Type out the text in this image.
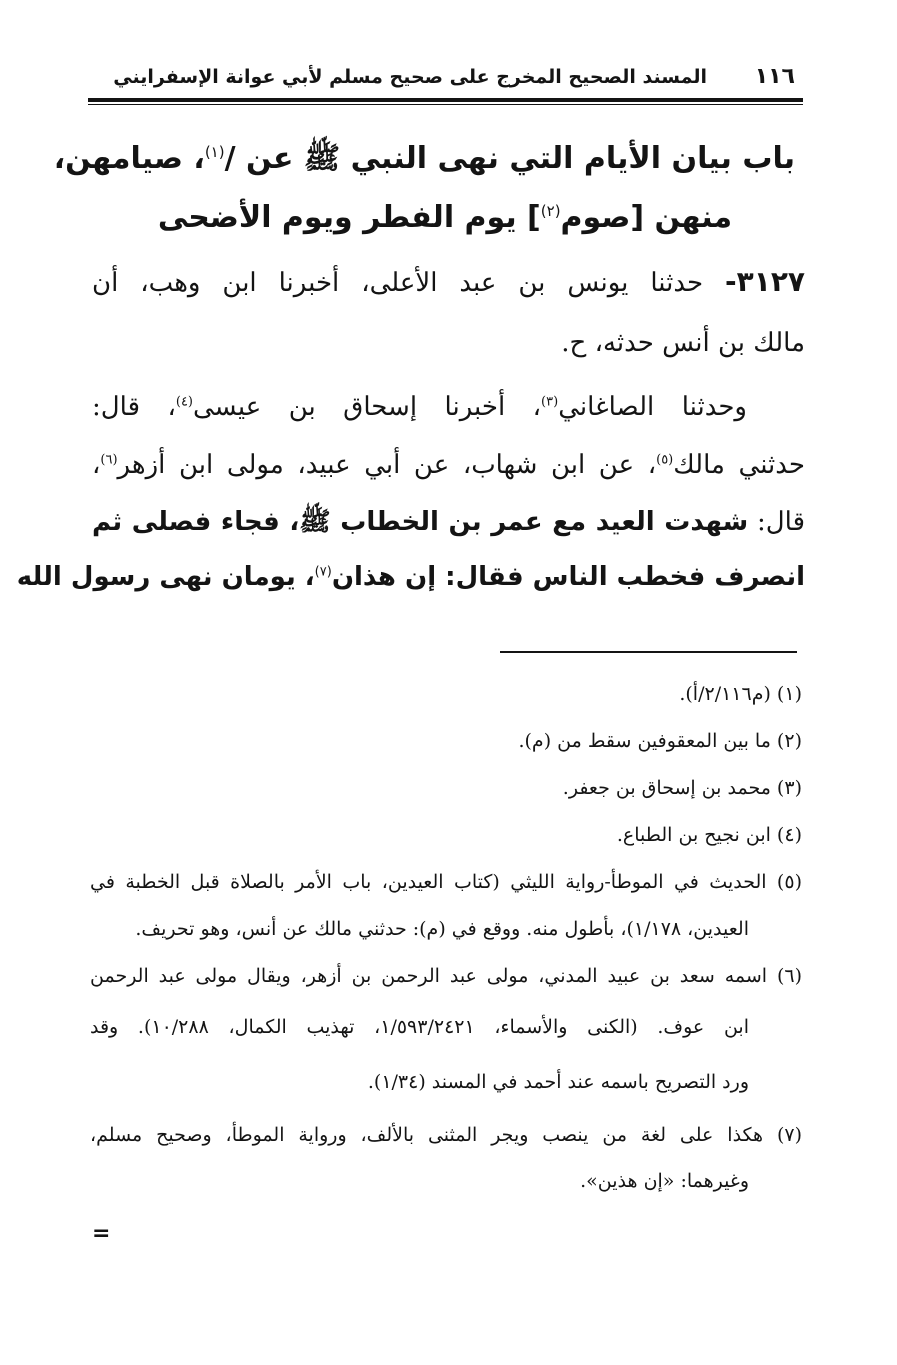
١١٦
المسند الصحيح المخرج على صحيح مسلم لأبي عوانة الإسفرايني
باب بيان الأيام التي نهى النبي ﷺ عن /$^{(١)}$، صيامهن،
منهن [صوم$^{(٢)}$] يوم الفطر ويوم الأضحى
٣١٢٧- حدثنا يونس بن عبد الأعلى، أخبرنا ابن وهب، أن
مالك بن أنس حدثه، ح.
وحدثنا الصاغاني$^{(٣)}$، أخبرنا إسحاق بن عيسى$^{(٤)}$، قال:
حدثني مالك$^{(٥)}$، عن ابن شهاب، عن أبي عبيد، مولى ابن أزهر$^{(٦)}$،
قال: شهدت العيد مع عمر بن الخطاب ﷺ، فجاء فصلى ثم
انصرف فخطب الناس فقال: إن هذان$^{(٧)}$، يومان نهى رسول الله
(١) (م٢/١١٦/أ).
(٢) ما بين المعقوفين سقط من (م).
(٣) محمد بن إسحاق بن جعفر.
(٤) ابن نجيح بن الطباع.
(٥) الحديث في الموطأ-رواية الليثي (كتاب العيدين، باب الأمر بالصلاة قبل الخطبة في
العيدين، ١/١٧٨)، بأطول منه. ووقع في (م): حدثني مالك عن أنس، وهو تحريف.
(٦) اسمه سعد بن عبيد المدني، مولى عبد الرحمن بن أزهر، ويقال مولى عبد الرحمن
ابن عوف. (الكنى والأسماء، ١/٥٩٣/٢٤٢١، تهذيب الكمال، ١٠/٢٨٨). وقد
ورد التصريح باسمه عند أحمد في المسند (١/٣٤).
(٧) هكذا على لغة من ينصب ويجر المثنى بالألف، ورواية الموطأ، وصحيح مسلم،
وغيرهما: «إن هذين».
=
